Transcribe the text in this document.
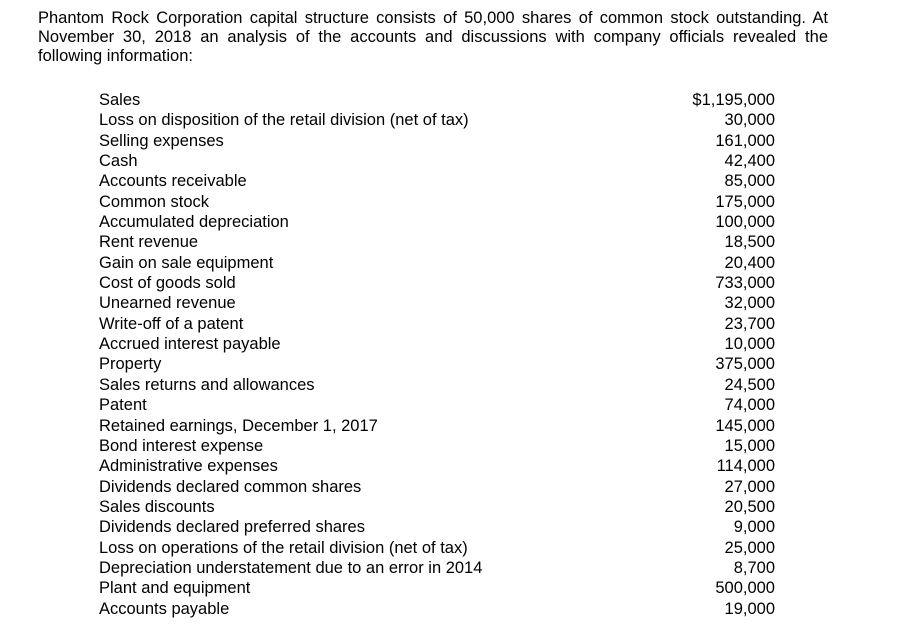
Phantom Rock Corporation capital structure consists of 50,000 shares of common stock outstanding. At November 30, 2018 an analysis of the accounts and discussions with company officials revealed the following information:

Sales	$1,195,000
Loss on disposition of the retail division (net of tax)	30,000
Selling expenses	161,000
Cash	42,400
Accounts receivable	85,000
Common stock	175,000
Accumulated depreciation	100,000
Rent revenue	18,500
Gain on sale equipment	20,400
Cost of goods sold	733,000
Unearned revenue	32,000
Write-off of a patent	23,700
Accrued interest payable	10,000
Property	375,000
Sales returns and allowances	24,500
Patent	74,000
Retained earnings, December 1, 2017	145,000
Bond interest expense	15,000
Administrative expenses	114,000
Dividends declared common shares	27,000
Sales discounts	20,500
Dividends declared preferred shares	9,000
Loss on operations of the retail division (net of tax)	25,000
Depreciation understatement due to an error in 2014	8,700
Plant and equipment	500,000
Accounts payable	19,000
